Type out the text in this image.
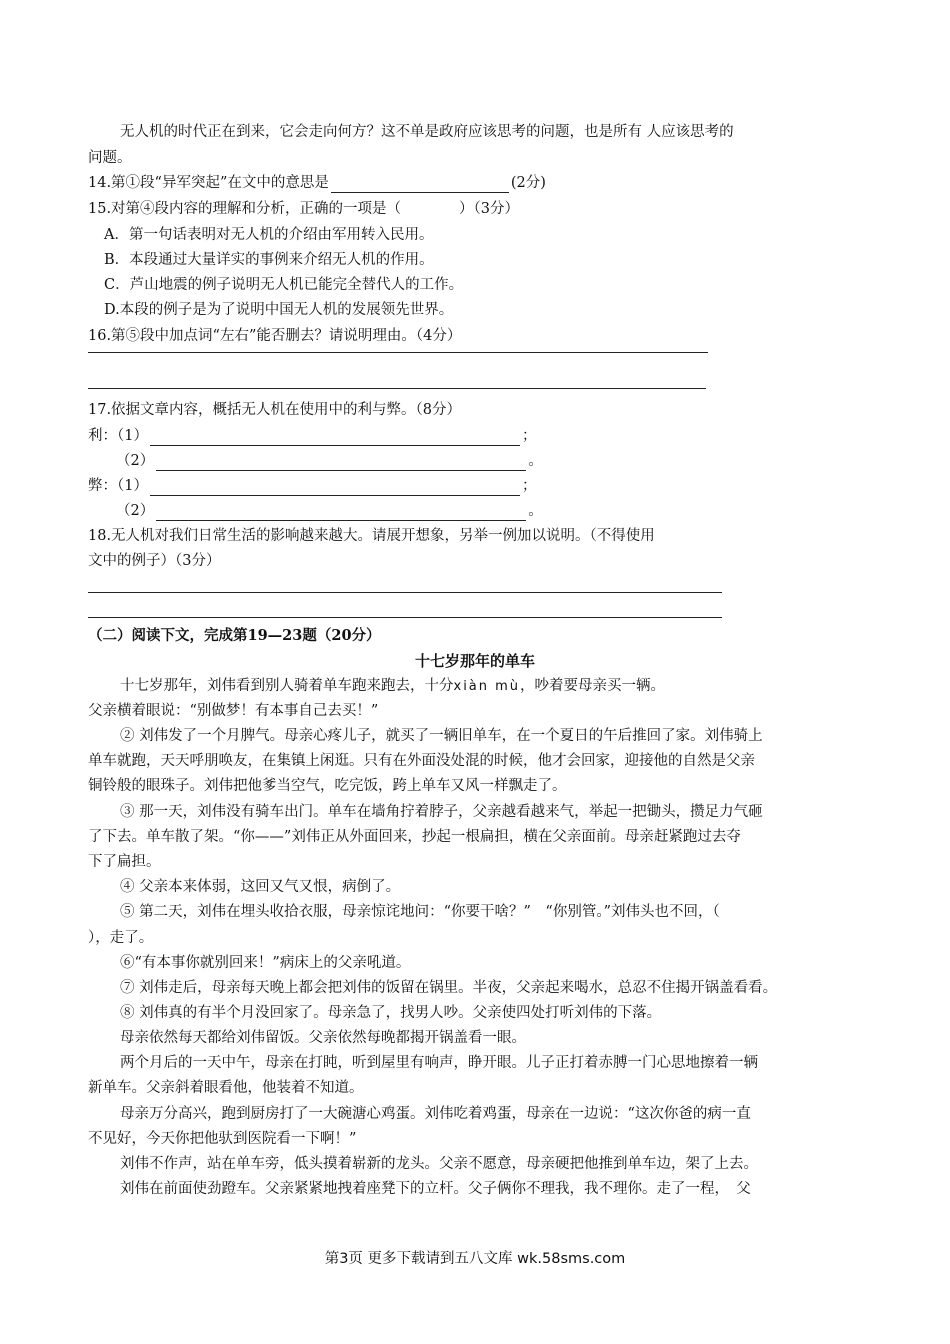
无人机的时代正在到来，它会走向何方？这不单是政府应该思考的问题，也是所有 人应该思考的
问题。
14.第①段“异军突起”在文中的意思是	(2分)
15.对第④段内容的理解和分析，正确的一项是（　　　　）（3分）
A．第一句话表明对无人机的介绍由军用转入民用。
B．本段通过大量详实的事例来介绍无人机的作用。
C．芦山地震的例子说明无人机已能完全替代人的工作。
D.本段的例子是为了说明中国无人机的发展领先世界。
16.第⑤段中加点词“左右”能否删去？请说明理由。（4分）
17.依据文章内容，概括无人机在使用中的利与弊。（8分）
利：（1）	；
（2）	。
弊：（1）	；
（2）	。
18.无人机对我们日常生活的影响越来越大。请展开想象，另举一例加以说明。（不得使用
文中的例子）（3分）
（二）阅读下文，完成第19—23题（20分）
十七岁那年的单车
十七岁那年，刘伟看到别人骑着单车跑来跑去，十分xiàn mù，吵着要母亲买一辆。
父亲横着眼说：“别做梦！有本事自己去买！”
② 刘伟发了一个月脾气。母亲心疼儿子，就买了一辆旧单车，在一个夏日的午后推回了家。刘伟骑上
单车就跑，天天呼朋唤友，在集镇上闲逛。只有在外面没处混的时候，他才会回家，迎接他的自然是父亲
铜铃般的眼珠子。刘伟把他爹当空气，吃完饭，跨上单车又风一样飘走了。
③ 那一天，刘伟没有骑车出门。单车在墙角拧着脖子，父亲越看越来气，举起一把锄头，攒足力气砸
了下去。单车散了架。“你——”刘伟正从外面回来，抄起一根扁担，横在父亲面前。母亲赶紧跑过去夺
下了扁担。
④ 父亲本来体弱，这回又气又恨，病倒了。
⑤ 第二天，刘伟在埋头收拾衣服，母亲惊诧地问：“你要干啥？”　“你别管。”刘伟头也不回，（
），走了。
⑥“有本事你就别回来！”病床上的父亲吼道。
⑦ 刘伟走后，母亲每天晚上都会把刘伟的饭留在锅里。半夜，父亲起来喝水，总忍不住揭开锅盖看看。
⑧ 刘伟真的有半个月没回家了。母亲急了，找男人吵。父亲使四处打听刘伟的下落。
母亲依然每天都给刘伟留饭。父亲依然每晚都揭开锅盖看一眼。
两个月后的一天中午，母亲在打盹，听到屋里有响声，睁开眼。儿子正打着赤膊一门心思地擦着一辆
新单车。父亲斜着眼看他，他装着不知道。
母亲万分高兴，跑到厨房打了一大碗溏心鸡蛋。刘伟吃着鸡蛋，母亲在一边说：“这次你爸的病一直
不见好，今天你把他驮到医院看一下啊！”
刘伟不作声，站在单车旁，低头摸着崭新的龙头。父亲不愿意，母亲硬把他推到单车边，架了上去。
刘伟在前面使劲蹬车。父亲紧紧地拽着座凳下的立杆。父子俩你不理我，我不理你。走了一程，　父
第3页 更多下载请到五八文库 wk.58sms.com
